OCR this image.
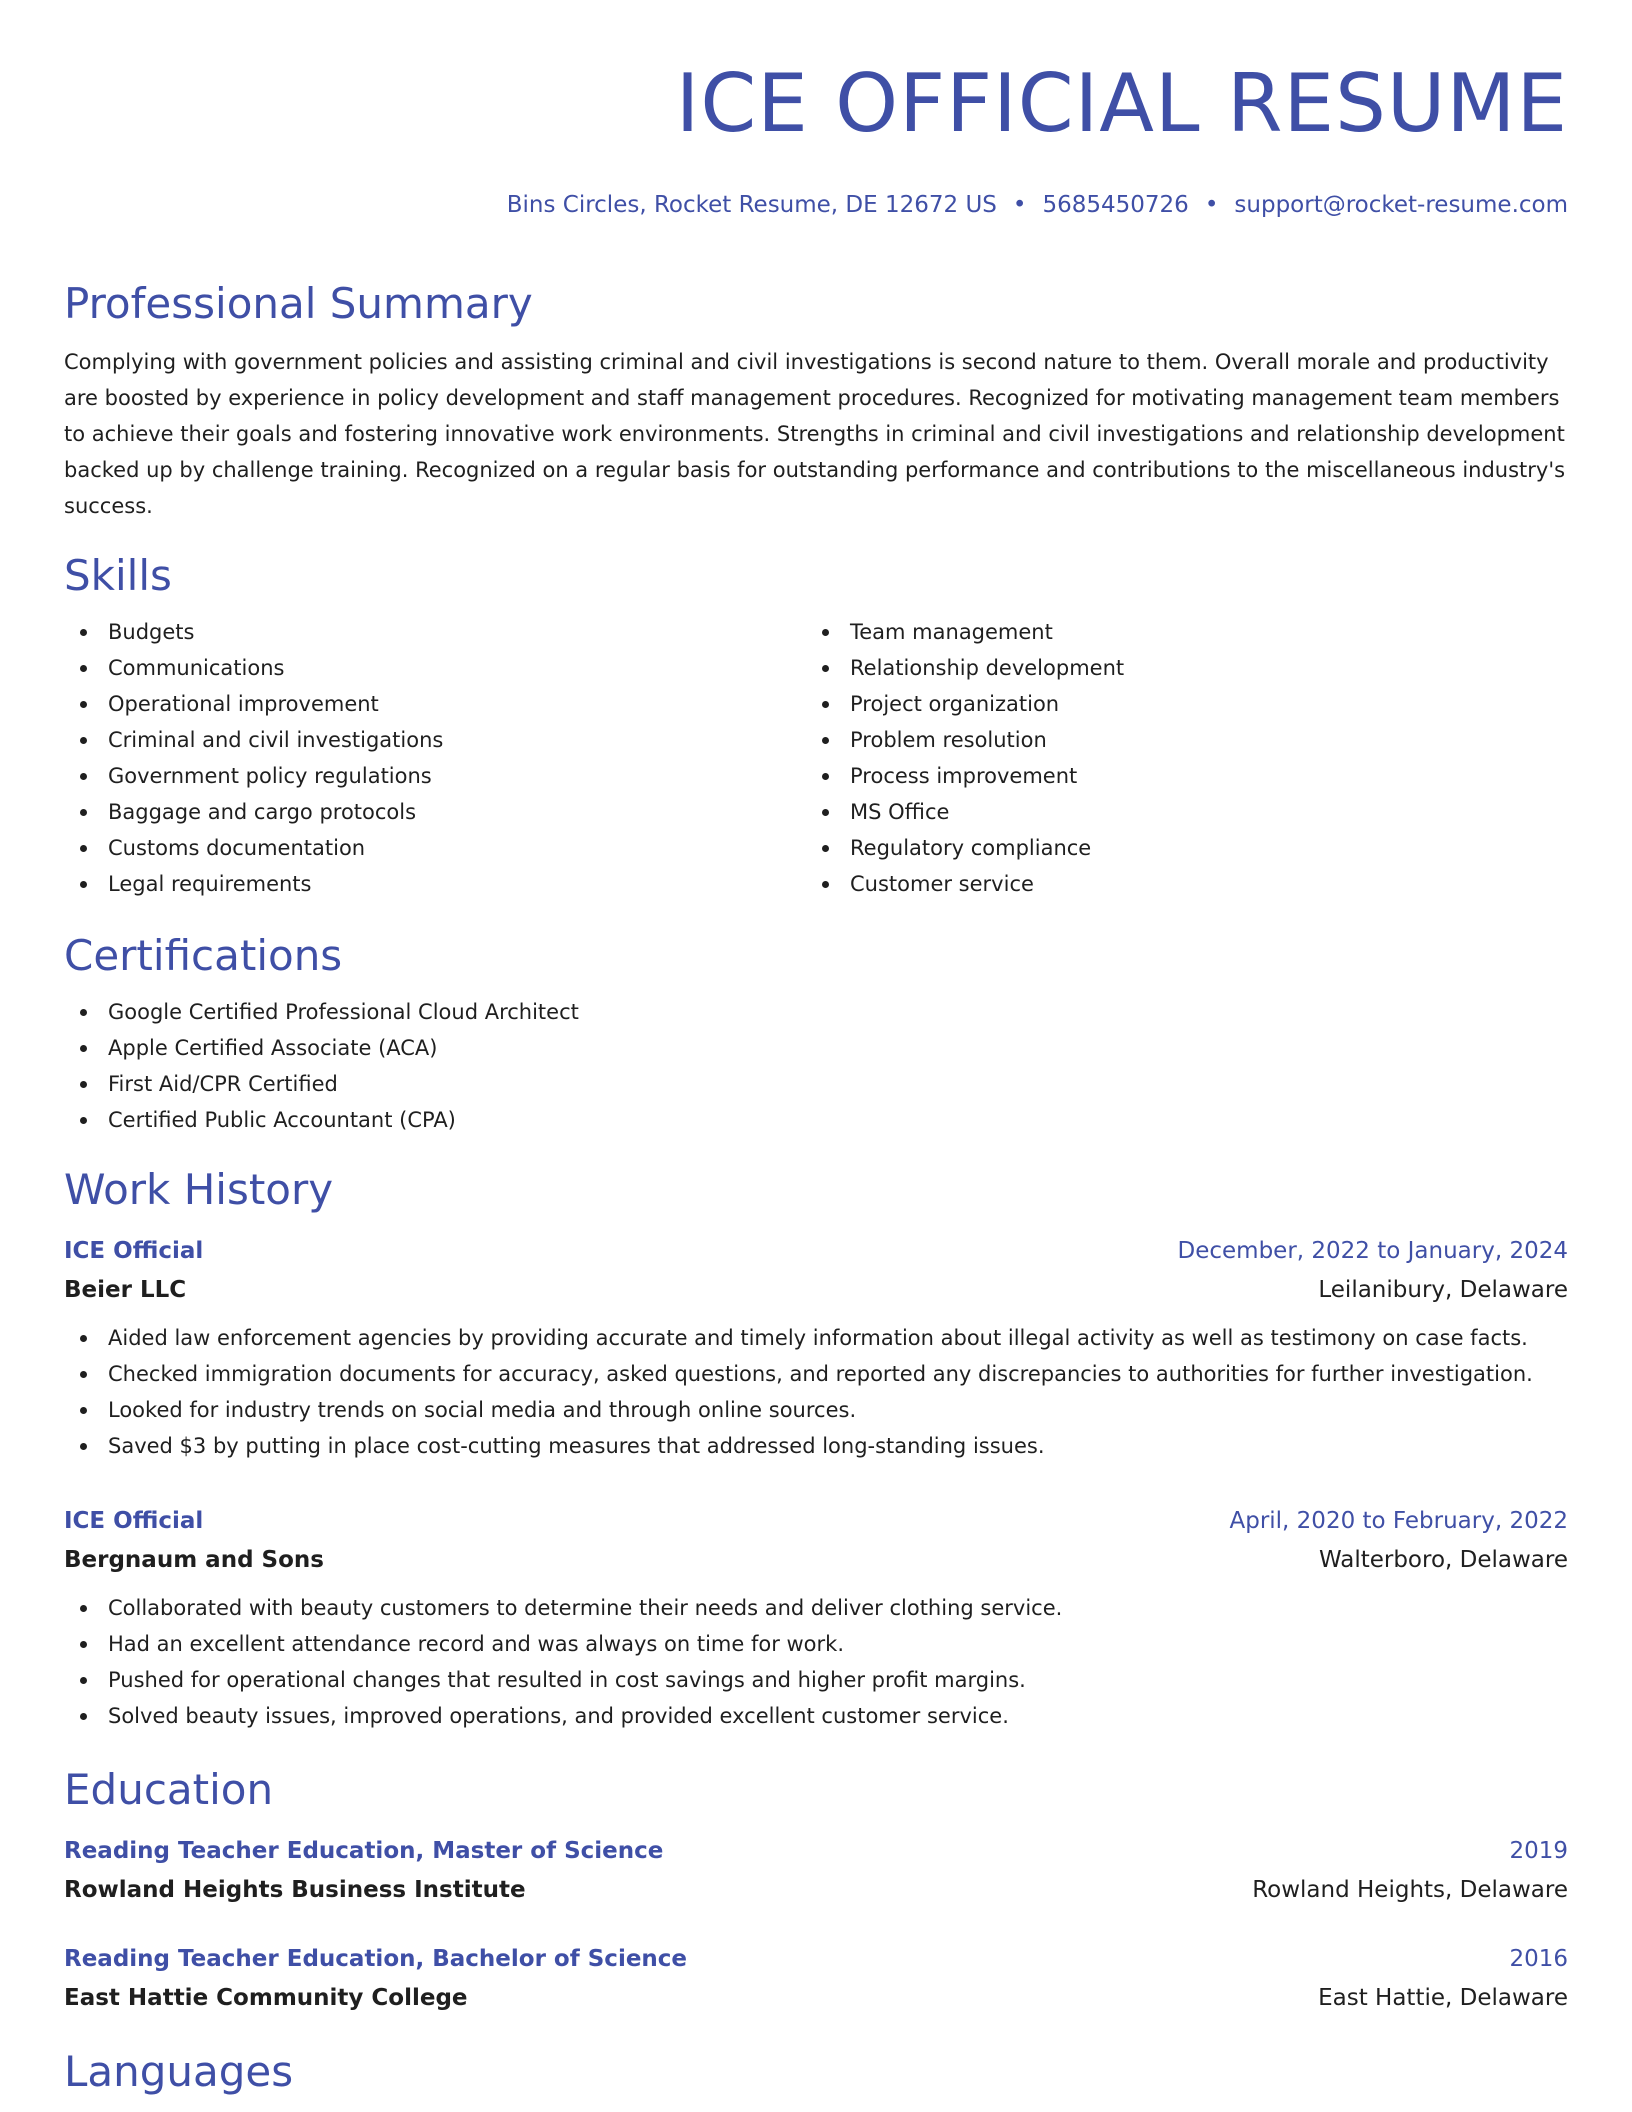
ICE OFFICIAL RESUME
Bins Circles, Rocket Resume, DE 12672 US • 5685450726 • support@rocket-resume.com
Professional Summary

Complying with government policies and assisting criminal and civil investigations is second nature to them. Overall morale and productivity are boosted by experience in policy development and staff management procedures. Recognized for motivating management team members to achieve their goals and fostering innovative work environments. Strengths in criminal and civil investigations and relationship development backed up by challenge training. Recognized on a regular basis for outstanding performance and contributions to the miscellaneous industry's success.

Skills
Budgets
Communications
Operational improvement
Criminal and civil investigations
Government policy regulations
Baggage and cargo protocols
Customs documentation
Legal requirements
Team management
Relationship development
Project organization
Problem resolution
Process improvement
MS Office
Regulatory compliance
Customer service
Certifications
Google Certified Professional Cloud Architect
Apple Certified Associate (ACA)
First Aid/CPR Certified
Certified Public Accountant (CPA)
Work History
ICE Official	December, 2022 to January, 2024
Beier LLC	Leilanibury, Delaware
Aided law enforcement agencies by providing accurate and timely information about illegal activity as well as testimony on case facts.
Checked immigration documents for accuracy, asked questions, and reported any discrepancies to authorities for further investigation.
Looked for industry trends on social media and through online sources.
Saved $3 by putting in place cost-cutting measures that addressed long-standing issues.
ICE Official	April, 2020 to February, 2022
Bergnaum and Sons	Walterboro, Delaware
Collaborated with beauty customers to determine their needs and deliver clothing service.
Had an excellent attendance record and was always on time for work.
Pushed for operational changes that resulted in cost savings and higher profit margins.
Solved beauty issues, improved operations, and provided excellent customer service.
Education
Reading Teacher Education, Master of Science	2019
Rowland Heights Business Institute	Rowland Heights, Delaware
Reading Teacher Education, Bachelor of Science	2016
East Hattie Community College	East Hattie, Delaware
Languages
